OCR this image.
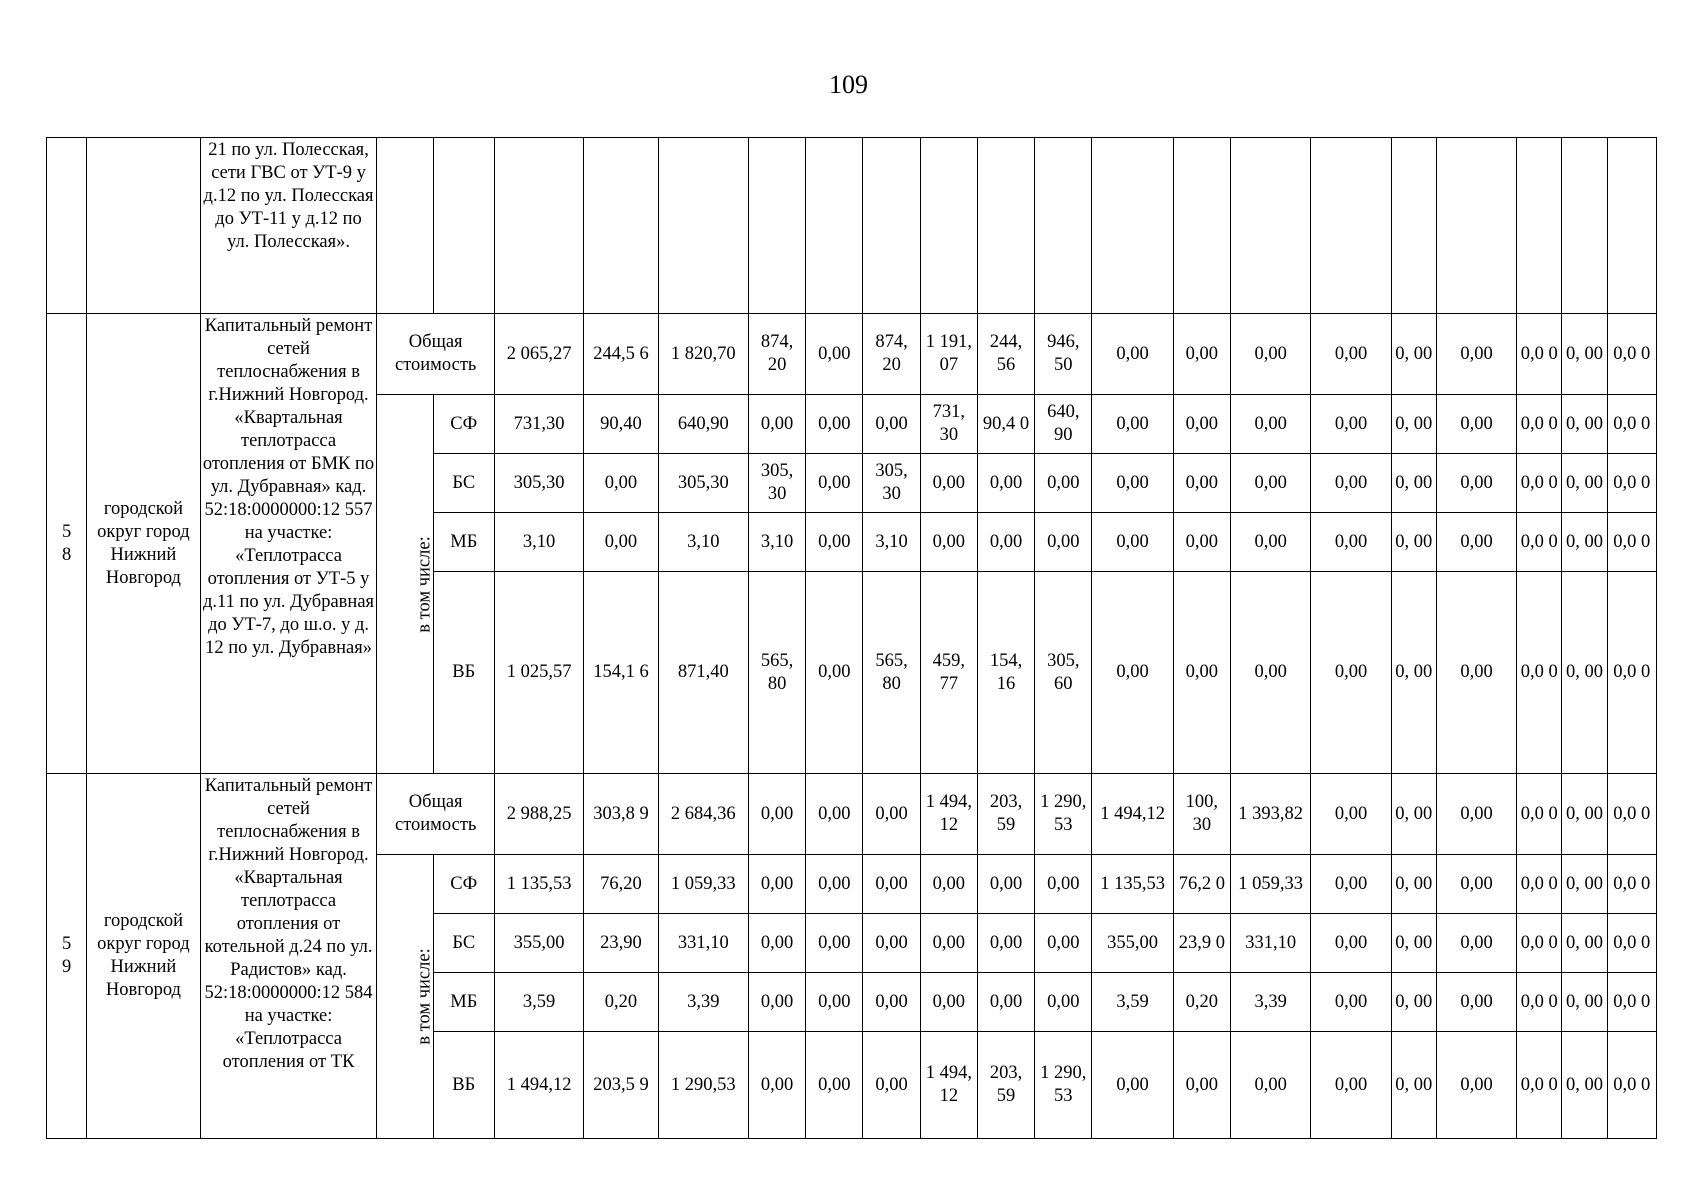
109
		21 по ул. Полесская, сети ГВС от УТ-9 у д.12 по ул. Полесская до УТ-11 у д.12 по ул. Полесская».																				
58	городской округ город Нижний Новгород	Капитальный ремонт сетей теплоснабжения в г.Нижний Новгород. «Квартальная теплотрасса отопления от БМК по ул. Дубравная» кад. 52:18:0000000:12 557 на участке: «Теплотрасса отопления от УТ-5 у д.11 по ул. Дубравная до УТ-7, до ш.о. у д. 12 по ул. Дубравная»	Общая стоимость		2 065,27	244,5 6	1 820,70	874, 20	0,00	874, 20	1 191, 07	244, 56	946, 50	0,00	0,00	0,00	0,00	0, 00	0,00	0,0 0	0, 00	0,0 0
			в том числе:	СФ	731,30	90,40	640,90	0,00	0,00	0,00	731, 30	90,4 0	640, 90	0,00	0,00	0,00	0,00	0, 00	0,00	0,0 0	0, 00	0,0 0
				БС	305,30	0,00	305,30	305, 30	0,00	305, 30	0,00	0,00	0,00	0,00	0,00	0,00	0,00	0, 00	0,00	0,0 0	0, 00	0,0 0
				МБ	3,10	0,00	3,10	3,10	0,00	3,10	0,00	0,00	0,00	0,00	0,00	0,00	0,00	0, 00	0,00	0,0 0	0, 00	0,0 0
				ВБ	1 025,57	154,1 6	871,40	565, 80	0,00	565, 80	459, 77	154, 16	305, 60	0,00	0,00	0,00	0,00	0, 00	0,00	0,0 0	0, 00	0,0 0
59	городской округ город Нижний Новгород	Капитальный ремонт сетей теплоснабжения в г.Нижний Новгород. «Квартальная теплотрасса отопления от котельной д.24 по ул. Радистов» кад. 52:18:0000000:12 584 на участке: «Теплотрасса отопления от ТК	Общая стоимость		2 988,25	303,8 9	2 684,36	0,00	0,00	0,00	1 494, 12	203, 59	1 290, 53	1 494,12	100, 30	1 393,82	0,00	0, 00	0,00	0,0 0	0, 00	0,0 0
			в том числе:	СФ	1 135,53	76,20	1 059,33	0,00	0,00	0,00	0,00	0,00	0,00	1 135,53	76,2 0	1 059,33	0,00	0, 00	0,00	0,0 0	0, 00	0,0 0
				БС	355,00	23,90	331,10	0,00	0,00	0,00	0,00	0,00	0,00	355,00	23,9 0	331,10	0,00	0, 00	0,00	0,0 0	0, 00	0,0 0
				МБ	3,59	0,20	3,39	0,00	0,00	0,00	0,00	0,00	0,00	3,59	0,20	3,39	0,00	0, 00	0,00	0,0 0	0, 00	0,0 0
				ВБ	1 494,12	203,5 9	1 290,53	0,00	0,00	0,00	1 494, 12	203, 59	1 290, 53	0,00	0,00	0,00	0,00	0, 00	0,00	0,0 0	0, 00	0,0 0
